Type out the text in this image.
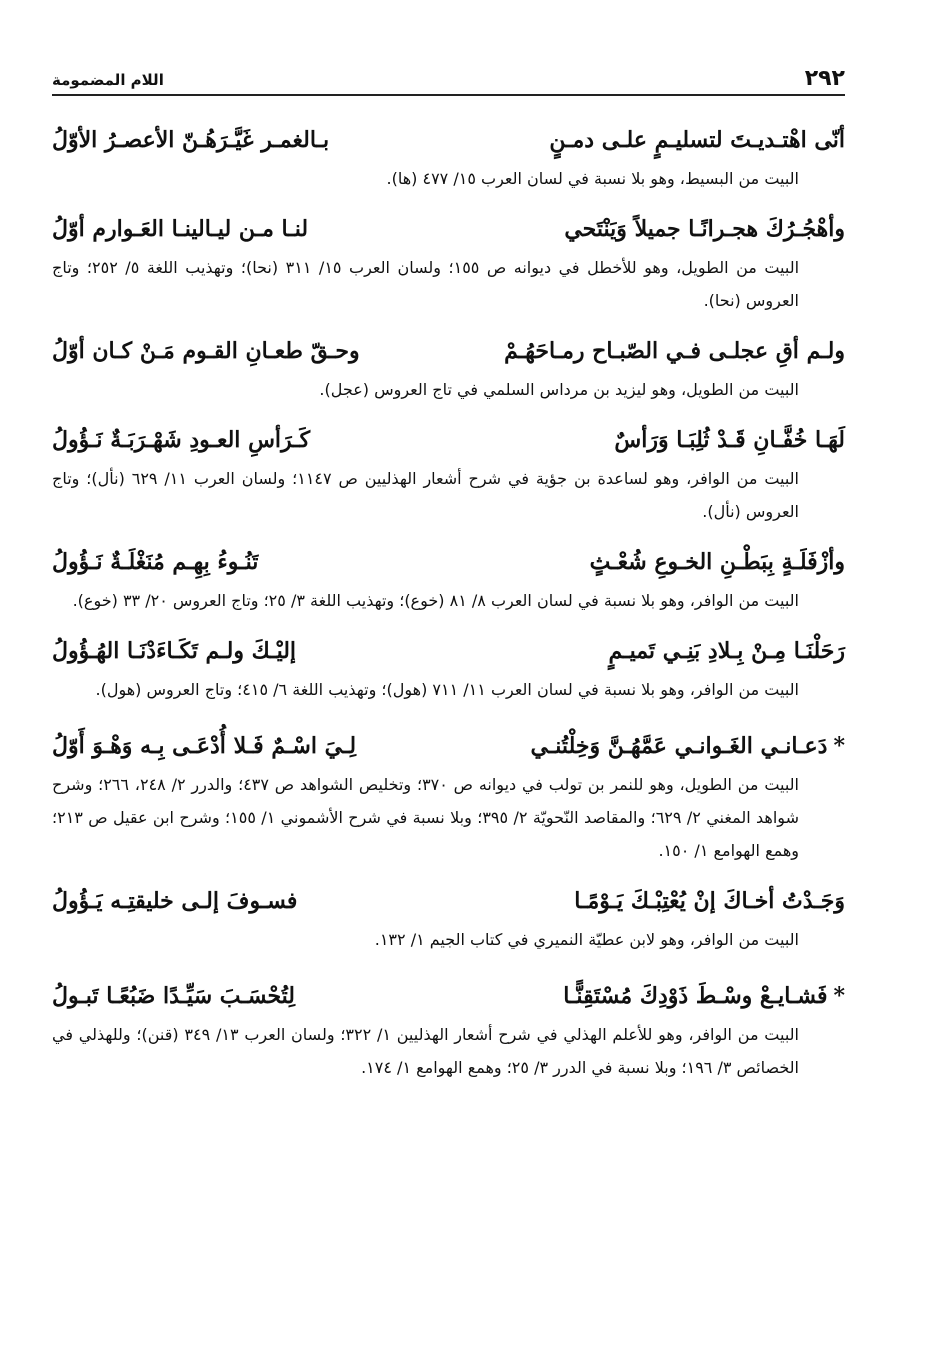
٢٩٢
اللام المضمومة
أنّى اهْتـديـتَ لتسليـمٍ علـى دمـنٍ
بـالغمـر غَيَّـرَهُـنّ الأعصـرُ الأوّلُ
البيت من البسيط، وهو بلا نسبة في لسان العرب ١٥/ ٤٧٧ (ها).
وأهْجُـرُكَ هجـرانًـا جميلاً وَيَنْتَحي
لنـا مـن ليـالينـا العَـوارم أوّلُ
البيت من الطويل، وهو للأخطل في ديوانه ص ١٥٥؛ ولسان العرب ١٥/ ٣١١ (نحا)؛ وتهذيب اللغة ٥/ ٢٥٢؛ وتاج العروس (نحا).
ولـم أقِ عجلـى فـي الصّبـاح رمـاحَهُـمْ
وحـقّ طعـانِ القـوم مَـنْ كـان أوّلُ
البيت من الطويل، وهو ليزيد بن مرداس السلمي في تاج العروس (عجل).
لَهَـا خُفَّـانِ قَـدْ ثُلِبَـا وَرَأسٌ
كَـرَأسِ العـودِ شَهْـرَبَـةٌ نَـؤُولُ
البيت من الوافر، وهو لساعدة بن جؤية في شرح أشعار الهذليين ص ١١٤٧؛ ولسان العرب ١١/ ٦٢٩ (نأل)؛ وتاج العروس (نأل).
وأزْفَلَـةٍ بِبَطْـنِ الخـوعِ شُعْـثٍ
تَنُـوءُ بِهِـم مُنَغْلَـةٌ نَـؤُولُ
البيت من الوافر، وهو بلا نسبة في لسان العرب ٨/ ٨١ (خوع)؛ وتهذيب اللغة ٣/ ٢٥؛ وتاج العروس ٢٠/ ٣٣ (خوع).
رَحَلْنَـا مِـنْ بِـلادِ بَنِـي تَميـمٍ
إليْـكَ ولـم تَكَـاءَدْنَـا الهُـؤُولُ
البيت من الوافر، وهو بلا نسبة في لسان العرب ١١/ ٧١١ (هول)؛ وتهذيب اللغة ٦/ ٤١٥؛ وتاج العروس (هول).
*دَعـانـي الغَـوانـي عَمَّهُـنَّ وَخِلْتُنـي
لِـيَ اسْـمٌ فَـلا أُدْعَـى بِـه وَهْـوَ أَوّلُ
البيت من الطويل، وهو للنمر بن تولب في ديوانه ص ٣٧٠؛ وتخليص الشواهد ص ٤٣٧؛ والدرر ٢/ ٢٤٨، ٢٦٦؛ وشرح شواهد المغني ٢/ ٦٢٩؛ والمقاصد النّحويّة ٢/ ٣٩٥؛ وبلا نسبة في شرح الأشموني ١/ ١٥٥؛ وشرح ابن عقيل ص ٢١٣؛ وهمع الهوامع ١/ ١٥٠.
وَجَـدْتُ أخـاكَ إنْ يُعْتِبْـكَ يَـوْمًـا
فسـوفَ إلـى خليقتِـه يَـؤُولُ
البيت من الوافر، وهو لابن عطيّة النميري في كتاب الجيم ١/ ١٣٢.
*فَشـايـعْ وسْـطَ ذَوْدِكَ مُسْتَقِنًّـا
لِتُحْسَـبَ سَيِّـدًا ضَبُعًـا تَبـولُ
البيت من الوافر، وهو للأعلم الهذلي في شرح أشعار الهذليين ١/ ٣٢٢؛ ولسان العرب ١٣/ ٣٤٩ (قنن)؛ وللهذلي في الخصائص ٣/ ١٩٦؛ وبلا نسبة في الدرر ٣/ ٢٥؛ وهمع الهوامع ١/ ١٧٤.
